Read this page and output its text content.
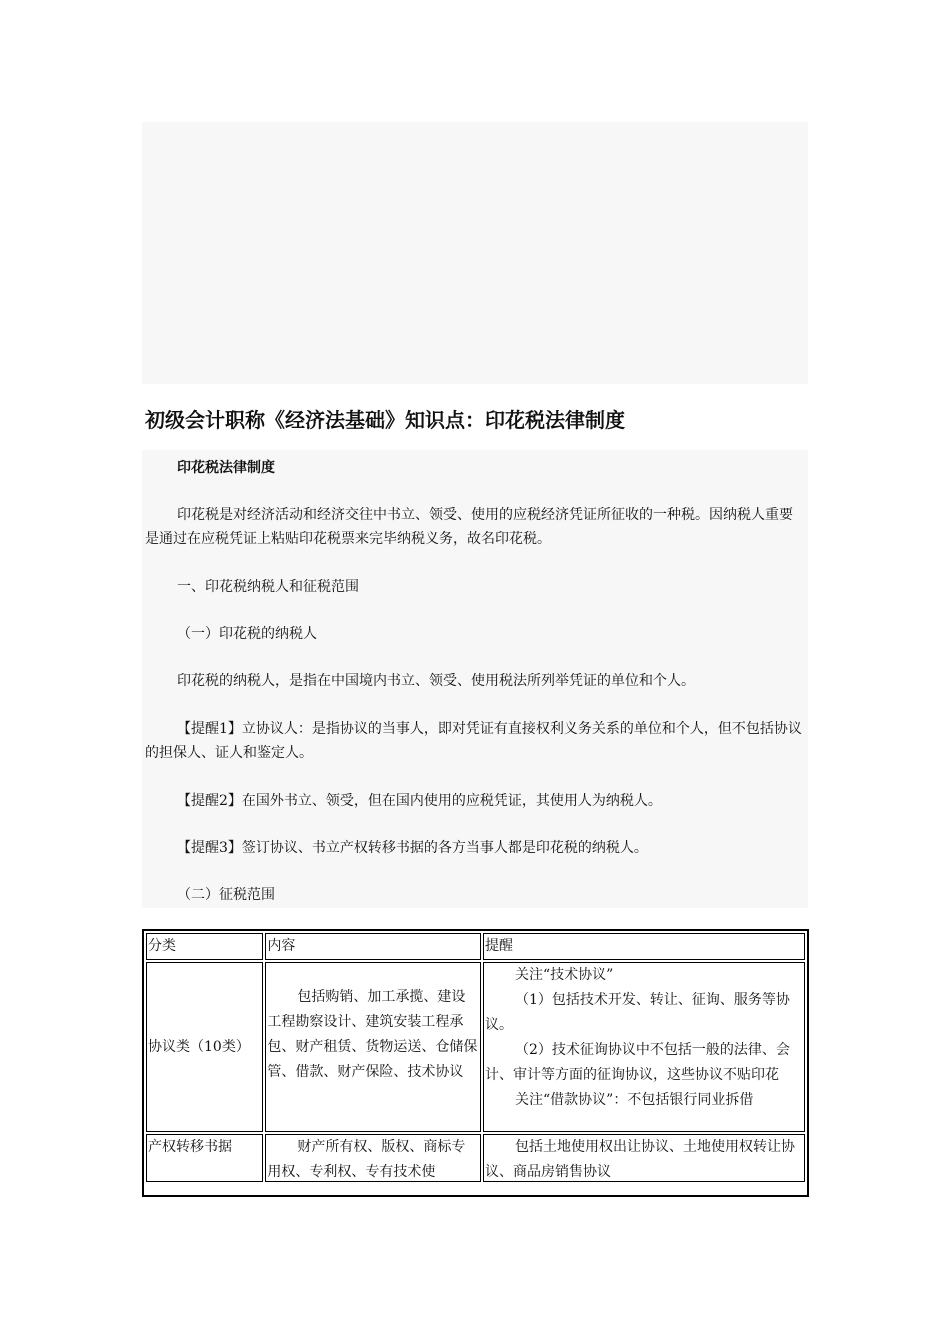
初级会计职称《经济法基础》知识点：印花税法律制度

印花税法律制度

印花税是对经济活动和经济交往中书立、领受、使用的应税经济凭证所征收的一种税。因纳税人重要是通过在应税凭证上粘贴印花税票来完毕纳税义务，故名印花税。

一、印花税纳税人和征税范围

（一）印花税的纳税人

印花税的纳税人，是指在中国境内书立、领受、使用税法所列举凭证的单位和个人。

【提醒1】立协议人：是指协议的当事人，即对凭证有直接权利义务关系的单位和个人，但不包括协议的担保人、证人和鉴定人。

【提醒2】在国外书立、领受，但在国内使用的应税凭证，其使用人为纳税人。

【提醒3】签订协议、书立产权转移书据的各方当事人都是印花税的纳税人。

（二）征税范围

分类	内容	提醒

协议类（10类）	包括购销、加工承揽、建设工程勘察设计、建筑安装工程承包、财产租赁、货物运送、仓储保管、借款、财产保险、技术协议	关注“技术协议”

（1）包括技术开发、转让、征询、服务等协议。

（2）技术征询协议中不包括一般的法律、会计、审计等方面的征询协议，这些协议不贴印花

关注“借款协议”：不包括银行同业拆借

产权转移书据	财产所有权、版权、商标专用权、专利权、专有技术使	包括土地使用权出让协议、土地使用权转让协议、商品房销售协议
